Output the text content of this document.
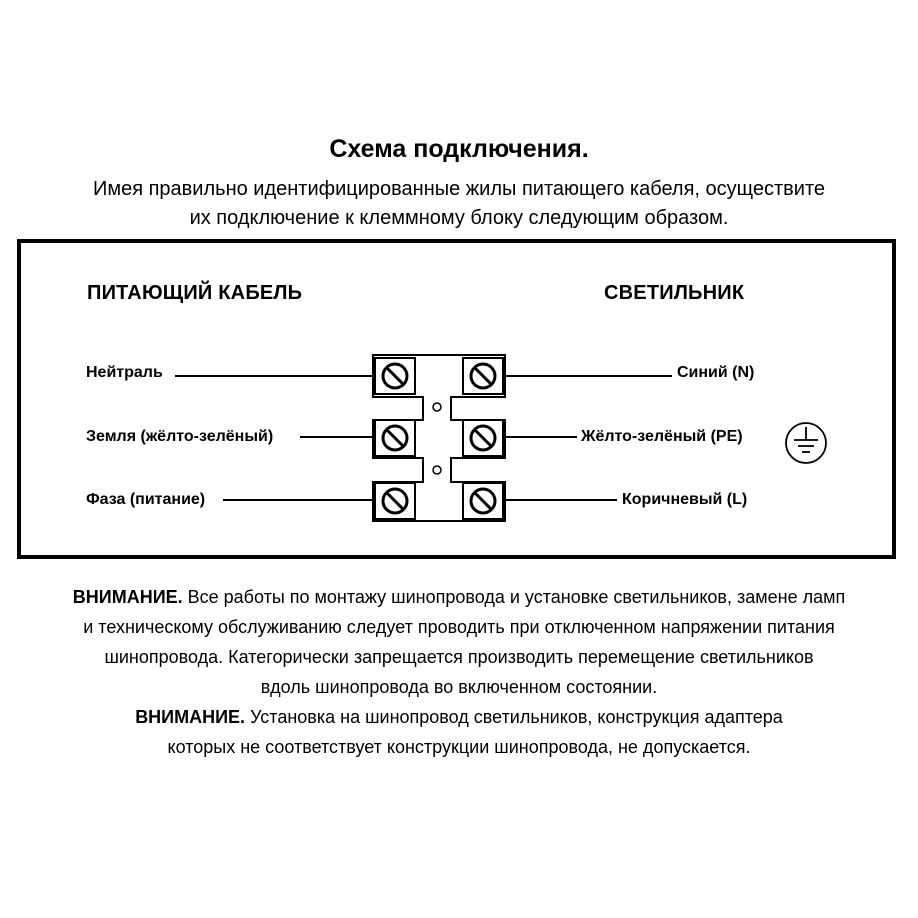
Схема подключения.
Имея правильно идентифицированные жилы питающего кабеля, осуществите
их подключение к клеммному блоку следующим образом.
ПИТАЮЩИЙ КАБЕЛЬ	СВЕТИЛЬНИК
Нейтраль
Земля (жёлто-зелёный)
Фаза (питание)
Синий (N)
Жёлто-зелёный (PE)
Коричневый (L)
ВНИМАНИЕ. Все работы по монтажу шинопровода и установке светильников, замене ламп
и техническому обслуживанию следует проводить при отключенном напряжении питания
шинопровода. Категорически запрещается производить перемещение светильников
вдоль шинопровода во включенном состоянии.
ВНИМАНИЕ. Установка на шинопровод светильников, конструкция адаптера
которых не соответствует конструкции шинопровода, не допускается.
